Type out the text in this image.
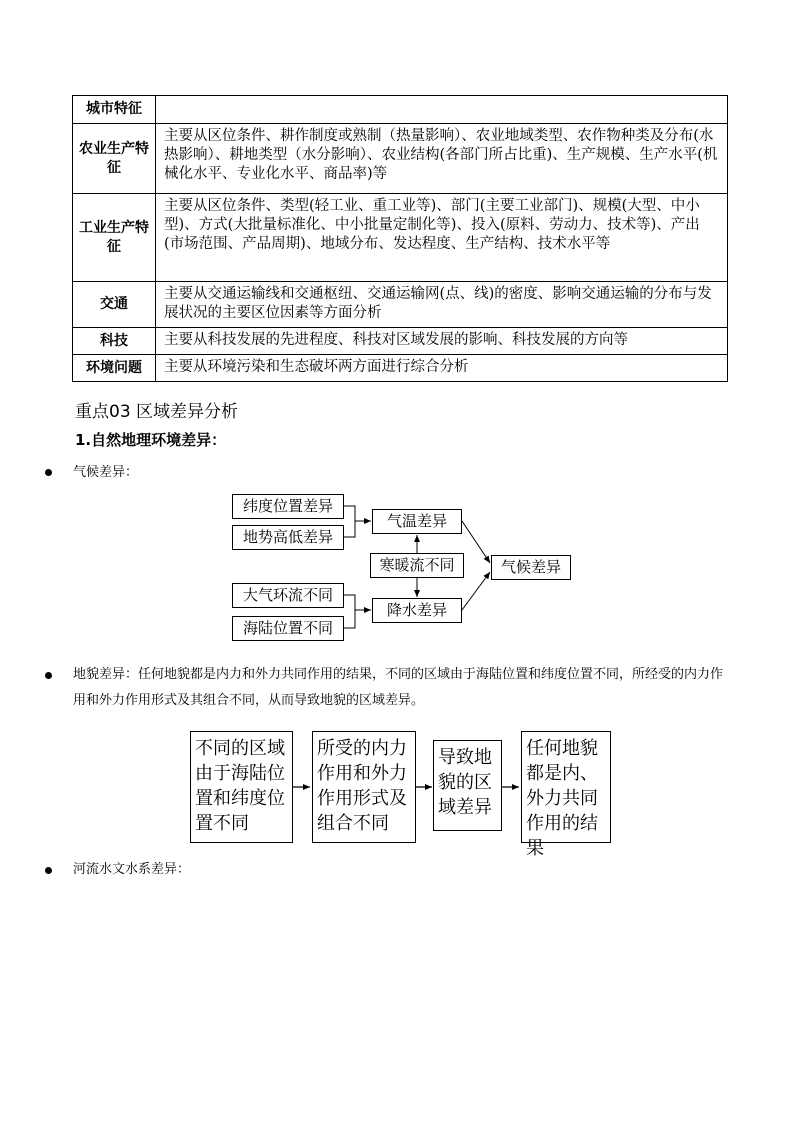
城市特征	
农业生产特征	主要从区位条件、耕作制度或熟制（热量影响）、农业地域类型、农作物种类及分布(水热影响）、耕地类型（水分影响）、农业结构(各部门所占比重)、生产规模、生产水平(机械化水平、专业化水平、商品率)等
工业生产特征	主要从区位条件、类型(轻工业、重工业等)、部门(主要工业部门)、规模(大型、中小型)、方式(大批量标准化、中小批量定制化等)、投入(原料、劳动力、技术等)、产出(市场范围、产品周期)、地域分布、发达程度、生产结构、技术水平等
交通	主要从交通运输线和交通枢纽、交通运输网(点、线)的密度、影响交通运输的分布与发展状况的主要区位因素等方面分析
科技	主要从科技发展的先进程度、科技对区域发展的影响、科技发展的方向等
环境问题	主要从环境污染和生态破坏两方面进行综合分析
重点03 区域差异分析
1.自然地理环境差异：
气候差异：
纬度位置差异
地势高低差异
大气环流不同
海陆位置不同
气温差异
寒暖流不同
降水差异
气候差异
地貌差异：任何地貌都是内力和外力共同作用的结果，不同的区域由于海陆位置和纬度位置不同，所经受的内力作用和外力作用形式及其组合不同，从而导致地貌的区域差异。
不同的区域由于海陆位置和纬度位置不同
所受的内力作用和外力作用形式及组合不同
导致地貌的区域差异
任何地貌都是内、外力共同作用的结果
河流水文水系差异：
